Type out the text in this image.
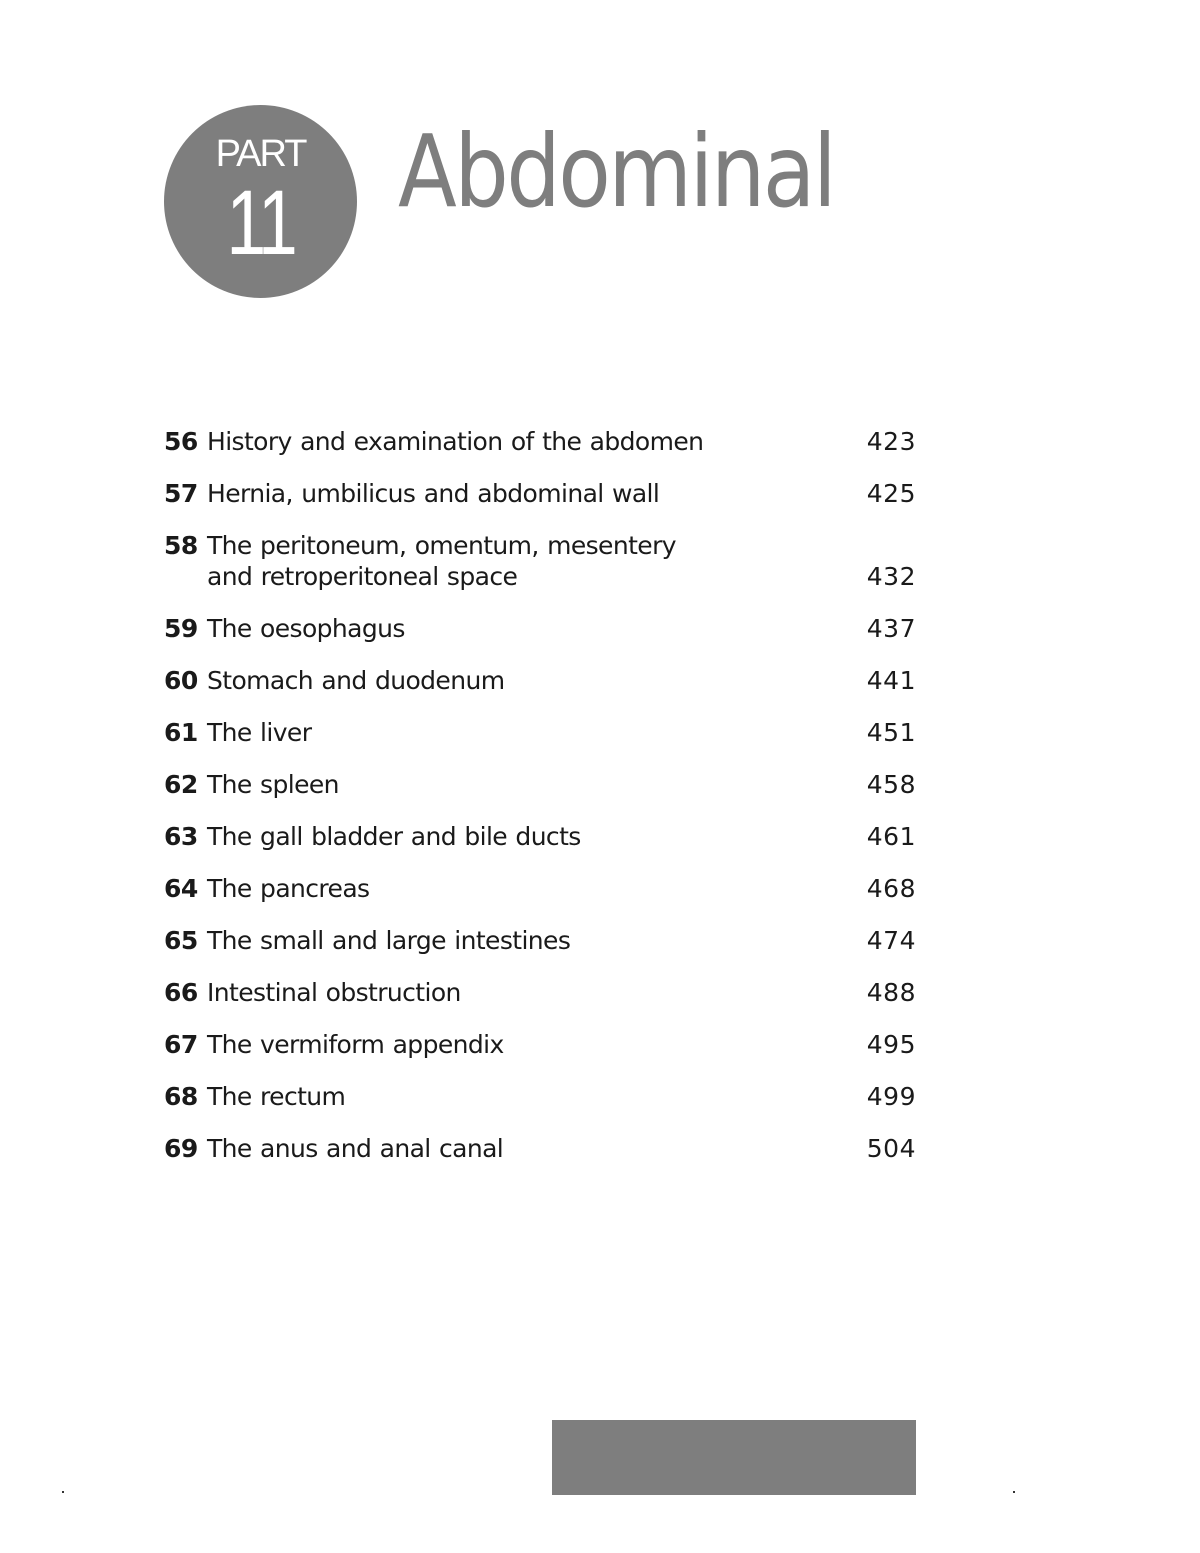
PART
11	Abdominal
56 History and examination of the abdomen	423
57 Hernia, umbilicus and abdominal wall	425
58 The peritoneum, omentum, mesentery and retroperitoneal space	432
59 The oesophagus	437
60 Stomach and duodenum	441
61 The liver	451
62 The spleen	458
63 The gall bladder and bile ducts	461
64 The pancreas	468
65 The small and large intestines	474
66 Intestinal obstruction	488
67 The vermiform appendix	495
68 The rectum	499
69 The anus and anal canal	504
